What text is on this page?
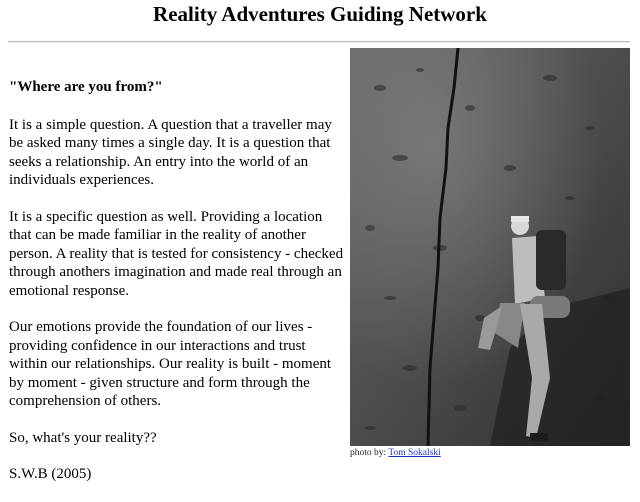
Reality Adventures Guiding Network

"Where are you from?"

It is a simple question. A question that a traveller may be asked many times a single day. It is a question that seeks a relationship. An entry into the world of an individuals experiences.

It is a specific question as well. Providing a location that can be made familiar in the reality of another person. A reality that is tested for consistency - checked through anothers imagination and made real through an emotional response.

Our emotions provide the foundation of our lives - providing confidence in our interactions and trust within our relationships. Our reality is built - moment by moment - given structure and form through the comprehension of others.

So, what's your reality??

S.W.B (2005)

photo by: Tom Sokalski
